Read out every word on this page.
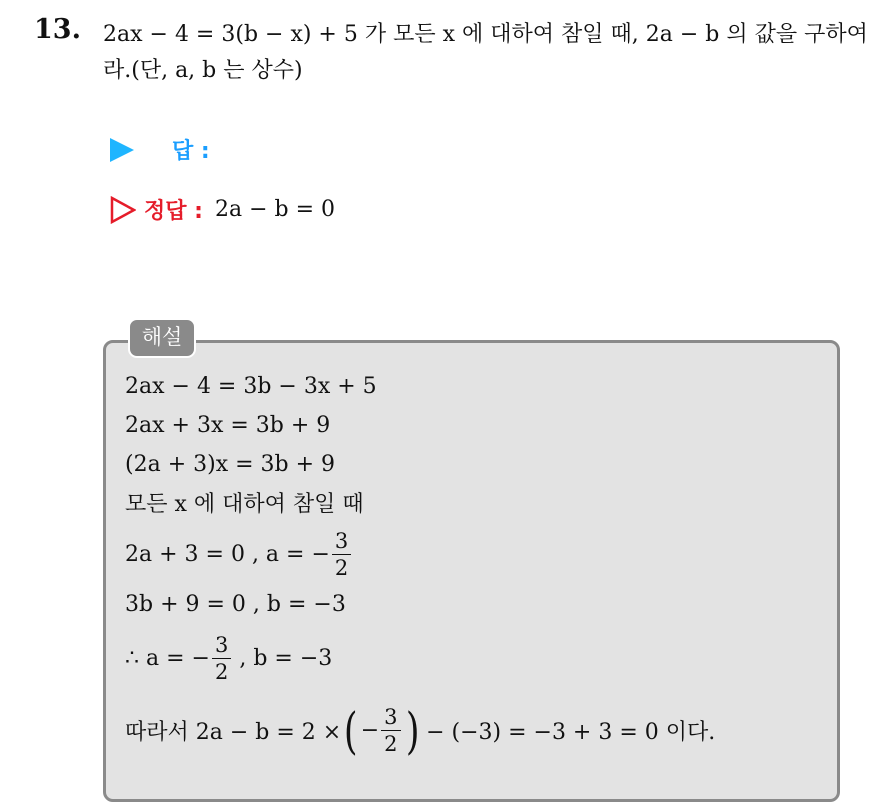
13. 2ax − 4 = 3(b − x) + 5 가 모든 x 에 대하여 참일 때, 2a − b 의 값을 구하여라.(단, a, b 는 상수)
답 :
정답 : 2a − b = 0
해설
2ax − 4 = 3b − 3x + 5
2ax + 3x = 3b + 9
(2a + 3)x = 3b + 9
모든 x 에 대하여 참일 때
2a + 3 = 0 , a = − $\frac{3}{2}$
3b + 9 = 0 , b = −3
∴ a = − $\frac{3}{2}$ , b = −3
따라서 2a − b = 2 × ( − $\frac{3}{2}$ ) − (−3) = −3 + 3 = 0 이다.
